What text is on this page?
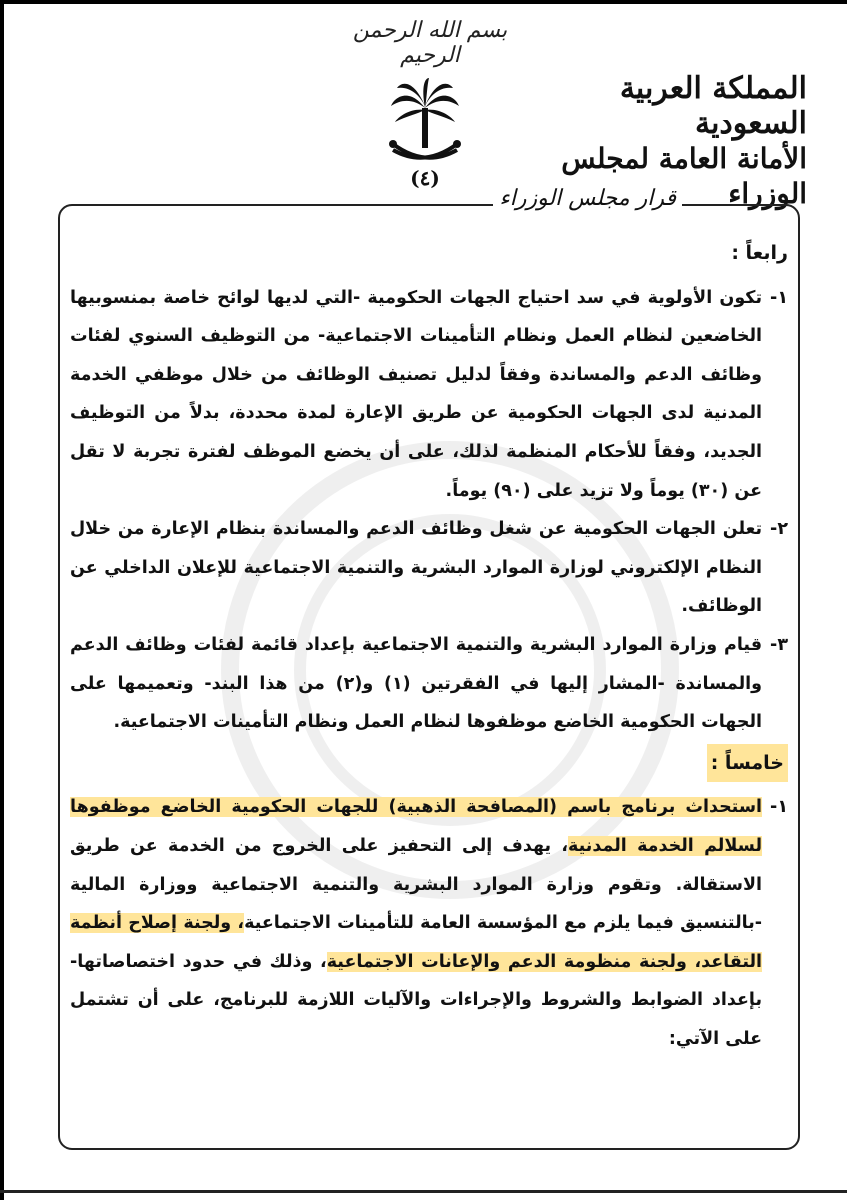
بسم الله الرحمن الرحيم
(٤)
المملكة العربية السعودية
الأمانة العامة لمجلس الوزراء
قرار مجلس الوزراء
رابعاً :
١-
تكون الأولوية في سد احتياج الجهات الحكومية -التي لديها لوائح خاصة بمنسوبيها الخاضعين لنظام العمل ونظام التأمينات الاجتماعية- من التوظيف السنوي لفئات وظائف الدعم والمساندة وفقاً لدليل تصنيف الوظائف من خلال موظفي الخدمة المدنية لدى الجهات الحكومية عن طريق الإعارة لمدة محددة، بدلاً من التوظيف الجديد، وفقاً للأحكام المنظمة لذلك، على أن يخضع الموظف لفترة تجربة لا تقل عن (٣٠) يوماً ولا تزيد على (٩٠) يوماً.
٢-
تعلن الجهات الحكومية عن شغل وظائف الدعم والمساندة بنظام الإعارة من خلال النظام الإلكتروني لوزارة الموارد البشرية والتنمية الاجتماعية للإعلان الداخلي عن الوظائف.
٣-
قيام وزارة الموارد البشرية والتنمية الاجتماعية بإعداد قائمة لفئات وظائف الدعم والمساندة -المشار إليها في الفقرتين (١) و(٢) من هذا البند- وتعميمها على الجهات الحكومية الخاضع موظفوها لنظام العمل ونظام التأمينات الاجتماعية.
خامساً :
١-
استحداث برنامج باسم (المصافحة الذهبية) للجهات الحكومية الخاضع موظفوها لسلالم الخدمة المدنية، يهدف إلى التحفيز على الخروج من الخدمة عن طريق الاستقالة. وتقوم وزارة الموارد البشرية والتنمية الاجتماعية ووزارة المالية -بالتنسيق فيما يلزم مع المؤسسة العامة للتأمينات الاجتماعية، ولجنة إصلاح أنظمة التقاعد، ولجنة منظومة الدعم والإعانات الاجتماعية، وذلك في حدود اختصاصاتها- بإعداد الضوابط والشروط والإجراءات والآليات اللازمة للبرنامج، على أن تشتمل على الآتي:
